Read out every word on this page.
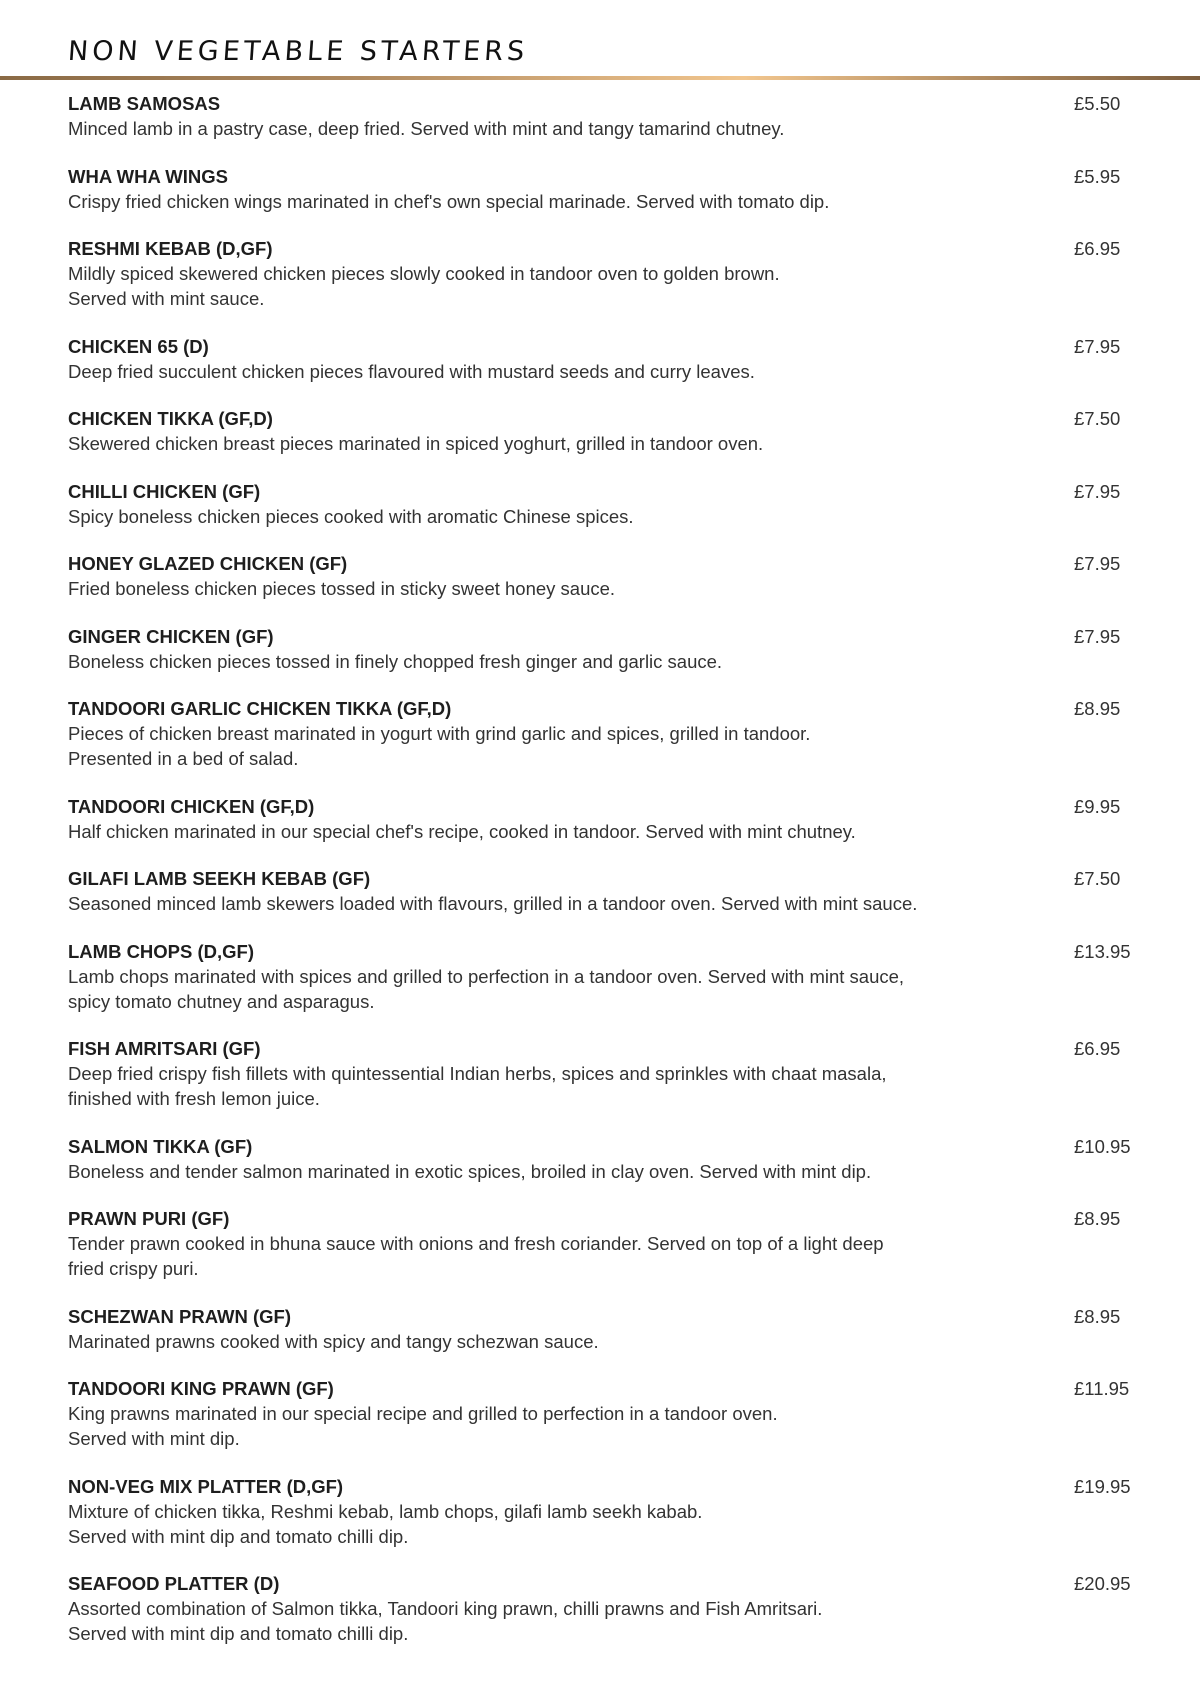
NON VEGETABLE STARTERS
LAMB SAMOSAS
Minced lamb in a pastry case, deep fried. Served with mint and tangy tamarind chutney.
£5.50
WHA WHA WINGS
Crispy fried chicken wings marinated in chef's own special marinade. Served with tomato dip.
£5.95
RESHMI KEBAB (D,GF)
Mildly spiced skewered chicken pieces slowly cooked in tandoor oven to golden brown.
Served with mint sauce.
£6.95
CHICKEN 65 (D)
Deep fried succulent chicken pieces flavoured with mustard seeds and curry leaves.
£7.95
CHICKEN TIKKA (GF,D)
Skewered chicken breast pieces marinated in spiced yoghurt, grilled in tandoor oven.
£7.50
CHILLI CHICKEN (GF)
Spicy boneless chicken pieces cooked with aromatic Chinese spices.
£7.95
HONEY GLAZED CHICKEN (GF)
Fried boneless chicken pieces tossed in sticky sweet honey sauce.
£7.95
GINGER CHICKEN (GF)
Boneless chicken pieces tossed in finely chopped fresh ginger and garlic sauce.
£7.95
TANDOORI GARLIC CHICKEN TIKKA (GF,D)
Pieces of chicken breast marinated in yogurt with grind garlic and spices, grilled in tandoor.
Presented in a bed of salad.
£8.95
TANDOORI CHICKEN (GF,D)
Half chicken marinated in our special chef's recipe, cooked in tandoor. Served with mint chutney.
£9.95
GILAFI LAMB SEEKH KEBAB (GF)
Seasoned minced lamb skewers loaded with flavours, grilled in a tandoor oven. Served with mint sauce.
£7.50
LAMB CHOPS (D,GF)
Lamb chops marinated with spices and grilled to perfection in a tandoor oven. Served with mint sauce,
spicy tomato chutney and asparagus.
£13.95
FISH AMRITSARI (GF)
Deep fried crispy fish fillets with quintessential Indian herbs, spices and sprinkles with chaat masala,
finished with fresh lemon juice.
£6.95
SALMON TIKKA (GF)
Boneless and tender salmon marinated in exotic spices, broiled in clay oven. Served with mint dip.
£10.95
PRAWN PURI (GF)
Tender prawn cooked in bhuna sauce with onions and fresh coriander. Served on top of a light deep
fried crispy puri.
£8.95
SCHEZWAN PRAWN (GF)
Marinated prawns cooked with spicy and tangy schezwan sauce.
£8.95
TANDOORI KING PRAWN (GF)
King prawns marinated in our special recipe and grilled to perfection in a tandoor oven.
Served with mint dip.
£11.95
NON-VEG MIX PLATTER (D,GF)
Mixture of chicken tikka, Reshmi kebab, lamb chops, gilafi lamb seekh kabab.
Served with mint dip and tomato chilli dip.
£19.95
SEAFOOD PLATTER (D)
Assorted combination of Salmon tikka, Tandoori king prawn, chilli prawns and Fish Amritsari.
Served with mint dip and tomato chilli dip.
£20.95
